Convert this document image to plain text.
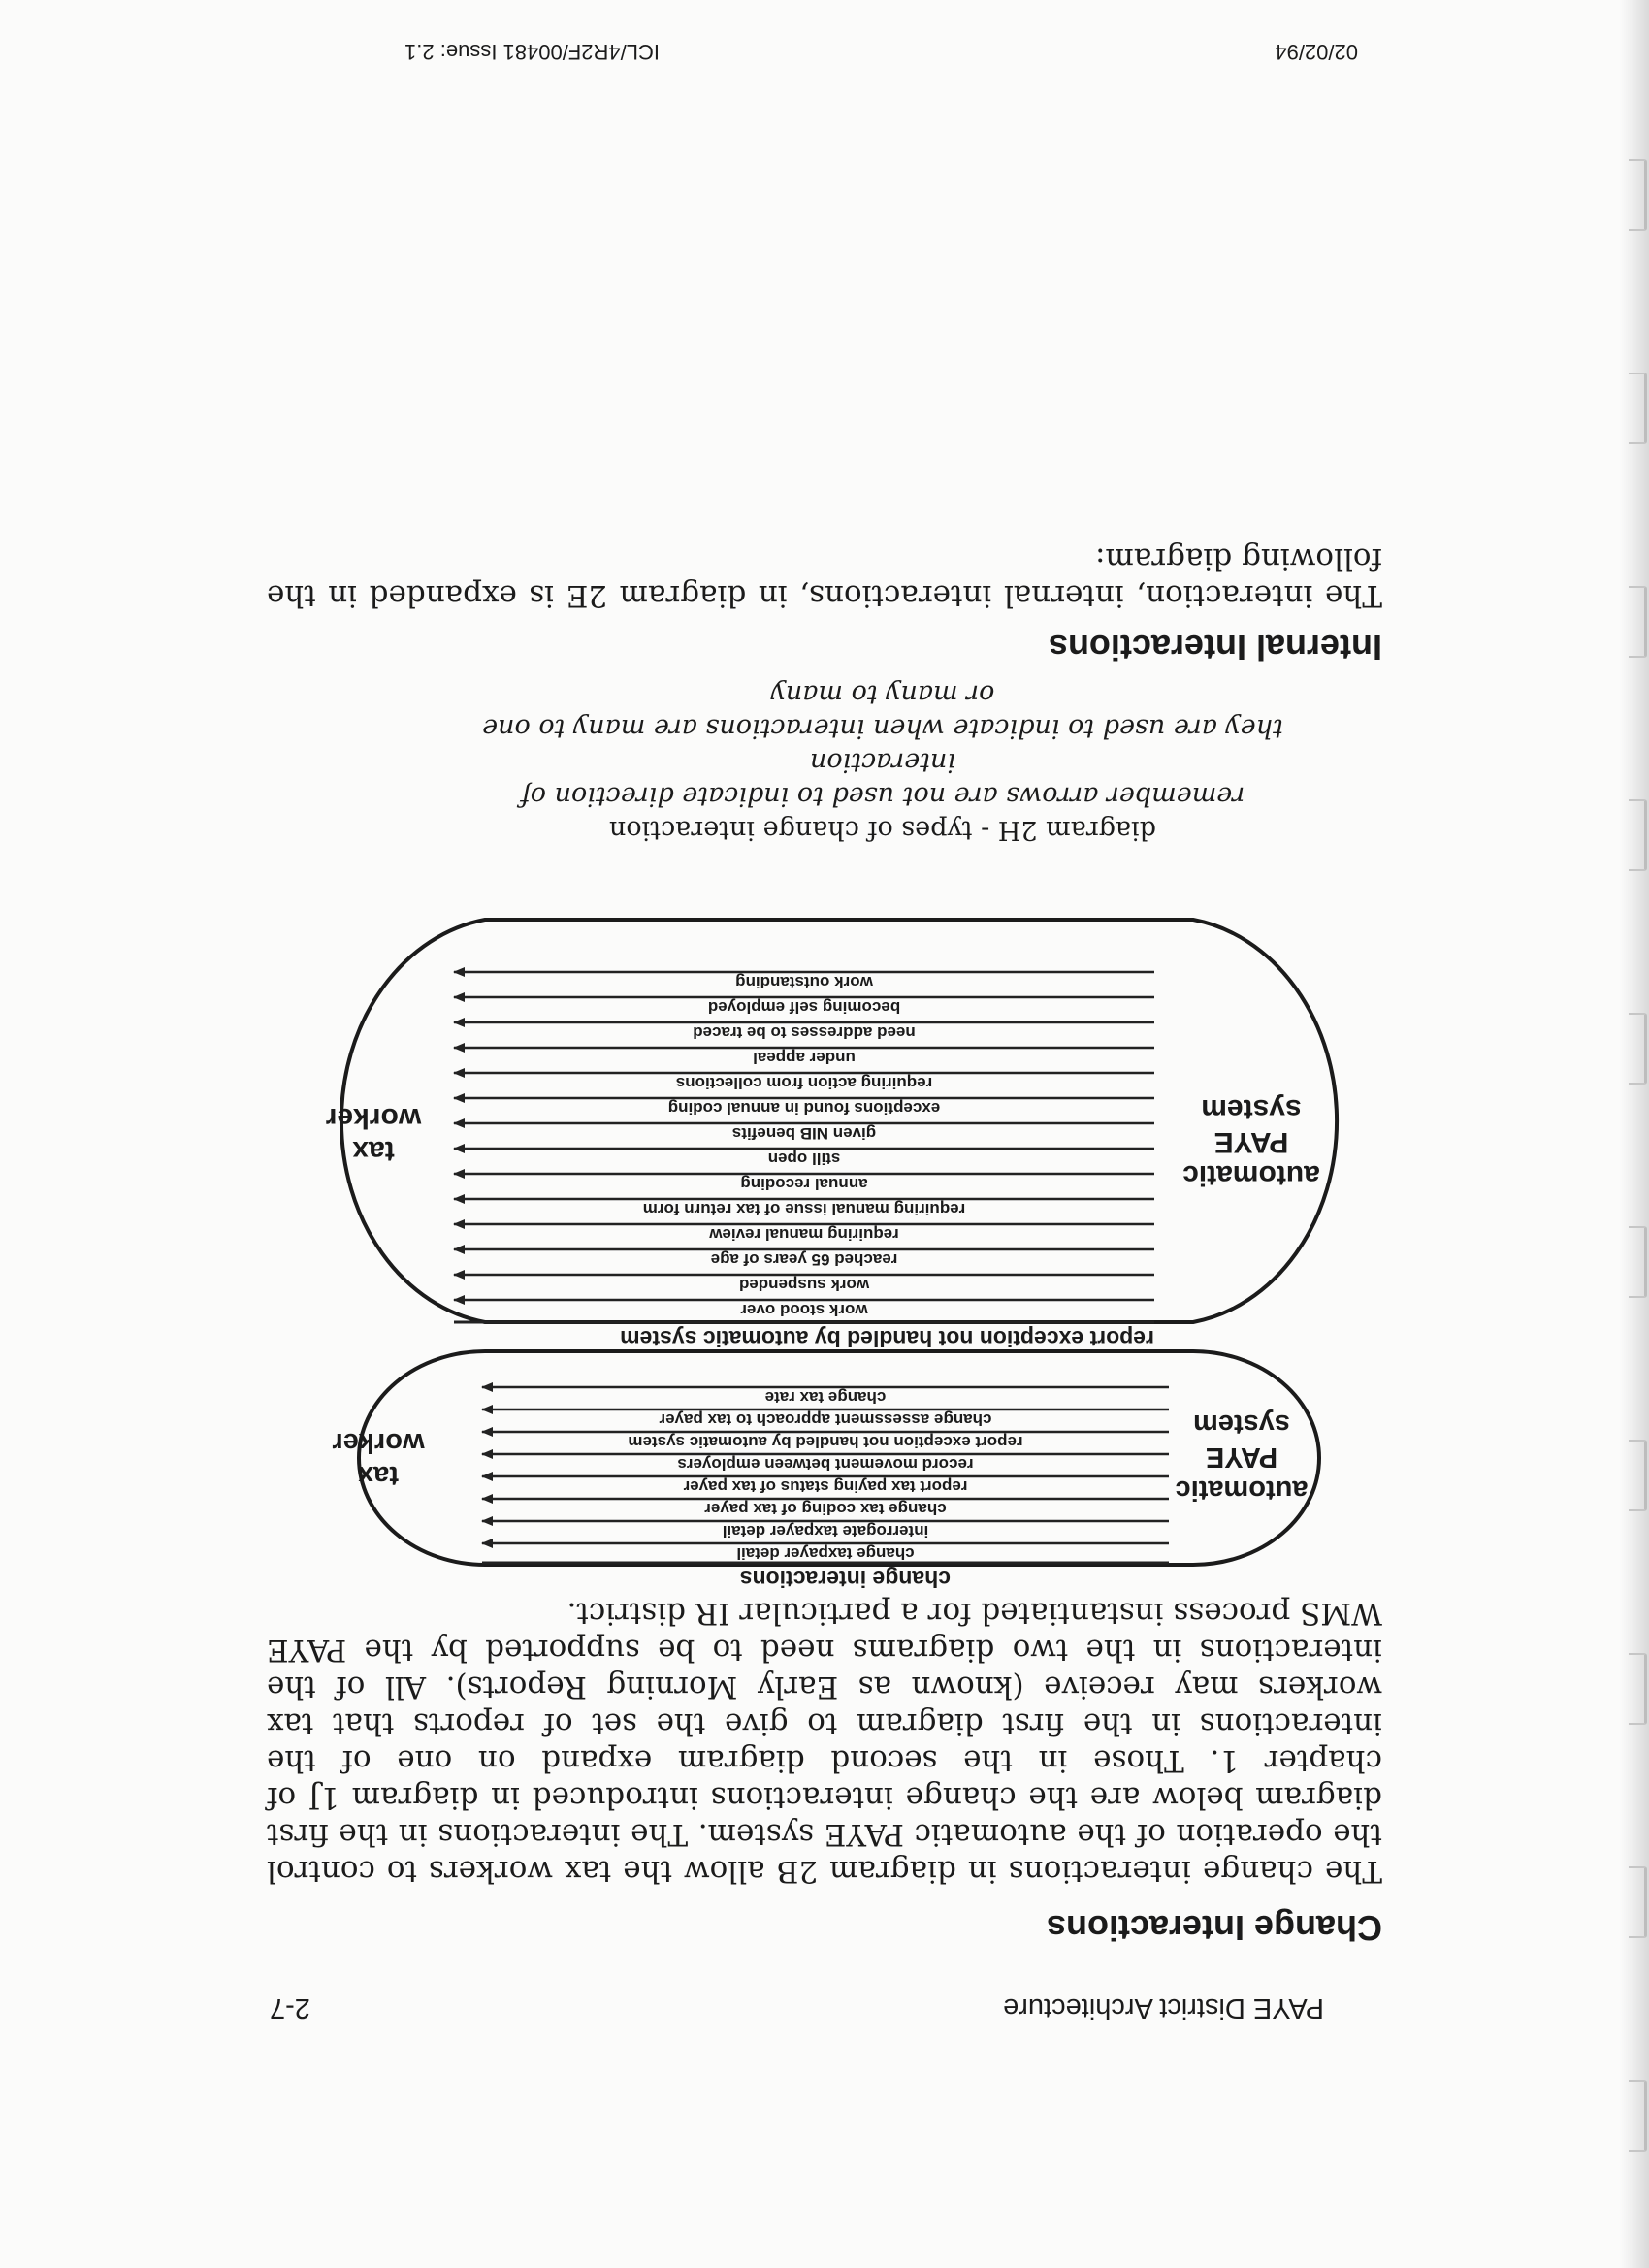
PAYE District Architecture
2-7
Change Interactions

The change interactions in diagram 2B allow the tax workers to control the operation of the automatic PAYE system. The interactions in the first diagram below are the change interactions introduced in diagram 1J of chapter 1. Those in the second diagram expand on one of the interactions in the first diagram to give the set of reports that tax workers may receive (known as Early Morning Reports). All of the interactions in the two diagrams need to be supported by the PAYE WMS process instantiated for a particular IR district.

change interactions
automatic PAYE system
tax worker
change taxpayer detail
interrogate taxpayer detail
change tax coding of tax payer
report tax paying status of tax payer
record movement between employers
report exception not handled by automatic system
change assessment approach to tax payer
change tax rate
report exception not handled by automatic system
automatic PAYE system
tax worker
work stood over
work suspended
reached 65 years of age
requiring manual review
requiring manual issue of tax return form
annual recoding
still open
given NIB benefits
exceptions found in annual coding
requiring action from collections
under appeal
need addresses to be traced
becoming self employed
work outstanding
diagram 2H - types of change interaction
remember arrows are not used to indicate direction of interaction
they are used to indicate when interactions are many to one or many to many
Internal Interactions

The interaction, internal interactions, in diagram 2E is expanded in the following diagram:

02/02/94
ICL/4R2F/00481 Issue: 2.1
